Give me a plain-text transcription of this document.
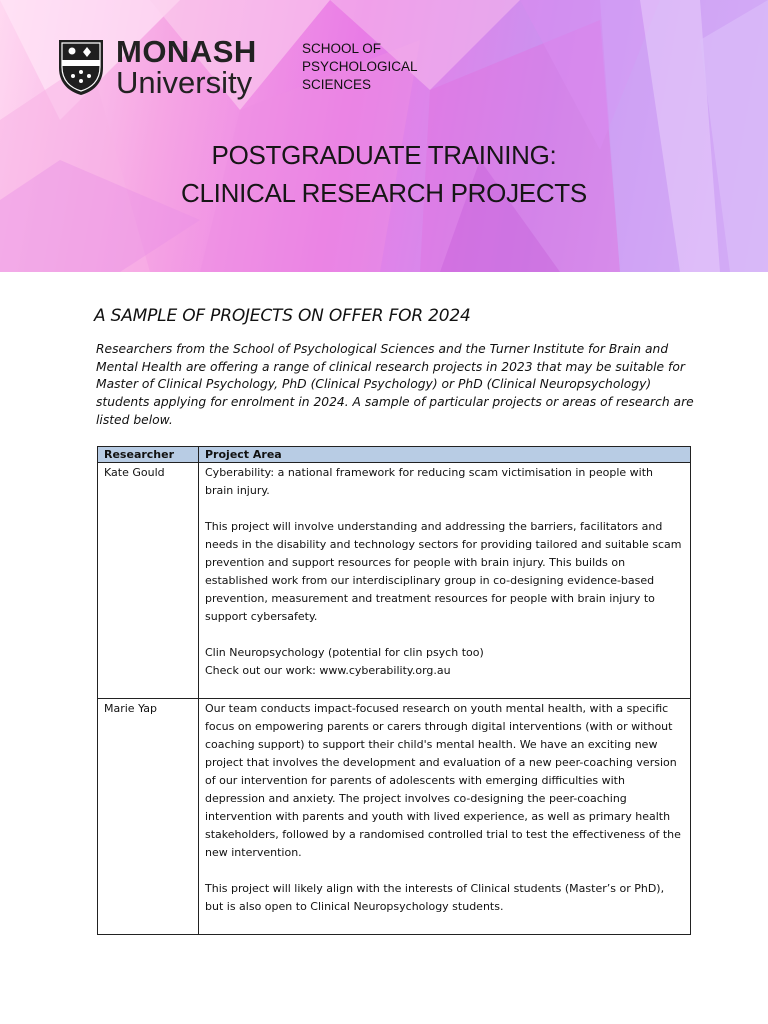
MONASH
University
SCHOOL OF
PSYCHOLOGICAL
SCIENCES
POSTGRADUATE TRAINING:
CLINICAL RESEARCH PROJECTS
A SAMPLE OF PROJECTS ON OFFER FOR 2024
Researchers from the School of Psychological Sciences and the Turner Institute for Brain and Mental Health are offering a range of clinical research projects in 2023 that may be suitable for Master of Clinical Psychology, PhD (Clinical Psychology) or PhD (Clinical Neuropsychology) students applying for enrolment in 2024. A sample of particular projects or areas of research are listed below.
Researcher	Project Area
Kate Gould	Cyberability: a national framework for reducing scam victimisation in people with brain injury.

This project will involve understanding and addressing the barriers, facilitators and needs in the disability and technology sectors for providing tailored and suitable scam prevention and support resources for people with brain injury. This builds on established work from our interdisciplinary group in co-designing evidence-based prevention, measurement and treatment resources for people with brain injury to support cybersafety.

Clin Neuropsychology (potential for clin psych too)

Check out our work: www.cyberability.org.au

Marie Yap	Our team conducts impact-focused research on youth mental health, with a specific focus on empowering parents or carers through digital interventions (with or without coaching support) to support their child's mental health. We have an exciting new project that involves the development and evaluation of a new peer-coaching version of our intervention for parents of adolescents with emerging difficulties with depression and anxiety. The project involves co-designing the peer-coaching intervention with parents and youth with lived experience, as well as primary health stakeholders, followed by a randomised controlled trial to test the effectiveness of the new intervention.

This project will likely align with the interests of Clinical students (Master’s or PhD), but is also open to Clinical Neuropsychology students.
